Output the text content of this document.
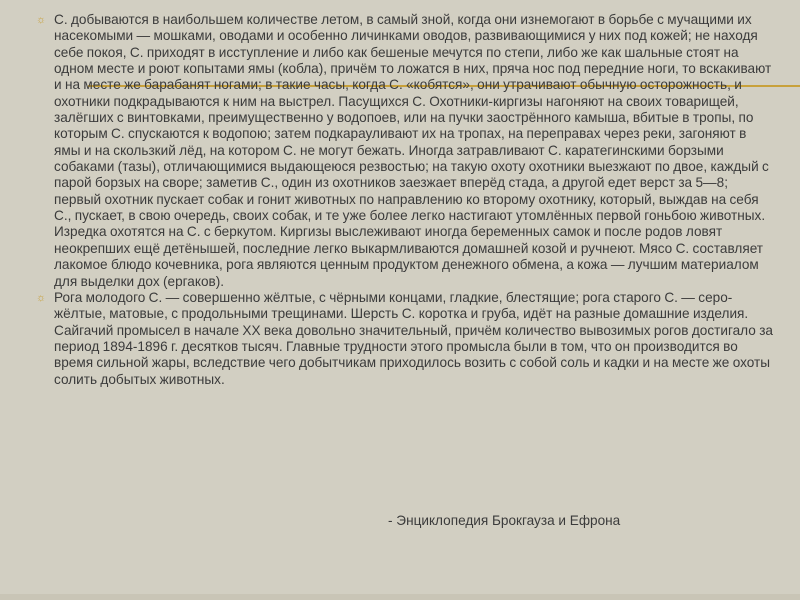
☼ С. добываются в наибольшем количестве летом, в самый зной, когда они изнемогают в борьбе с мучащими их насекомыми — мошками, оводами и особенно личинками оводов, развивающимися у них под кожей; не находя себе покоя, С. приходят в исступление и либо как бешеные мечутся по степи, либо же как шальные стоят на одном месте и роют копытами ямы (кобла), причём то ложатся в них, пряча нос под передние ноги, то вскакивают и на месте же барабанят ногами; в такие часы, когда С. «кобятся», они утрачивают обычную осторожность, и охотники подкрадываются к ним на выстрел. Пасущихся С. Охотники-киргизы нагоняют на своих товарищей, залёгших с винтовками, преимущественно у водопоев, или на пучки заострённого камыша, вбитые в тропы, по которым С. спускаются к водопою; затем подкарауливают их на тропах, на переправах через реки, загоняют в ямы и на скользкий лёд, на котором С. не могут бежать. Иногда затравливают С. каратегинскими борзыми собаками (тазы), отличающимися выдающеюся резвостью; на такую охоту охотники выезжают по двое, каждый с парой борзых на своре; заметив С., один из охотников заезжает вперёд стада, а другой едет верст за 5—8; первый охотник пускает собак и гонит животных по направлению ко второму охотнику, который, выждав на себя С., пускает, в свою очередь, своих собак, и те уже более легко настигают утомлённых первой гоньбою животных. Изредка охотятся на С. с беркутом. Киргизы выслеживают иногда беременных самок и после родов ловят неокрепших ещё детёнышей, последние легко выкармливаются домашней козой и ручнеют. Мясо С. составляет лакомое блюдо кочевника, рога являются ценным продуктом денежного обмена, а кожа — лучшим материалом для выделки дох (ергаков).

☼ Рога молодого С. — совершенно жёлтые, с чёрными концами, гладкие, блестящие; рога старого С. — серо-жёлтые, матовые, с продольными трещинами. Шерсть С. коротка и груба, идёт на разные домашние изделия. Сайгачий промысел в начале XX века довольно значительный, причём количество вывозимых рогов достигало за период 1894-1896 г. десятков тысяч. Главные трудности этого промысла были в том, что он производится во время сильной жары, вследствие чего добытчикам приходилось возить с собой соль и кадки и на месте же охоты солить добытых животных.

- Энциклопедия Брокгауза и Ефрона
